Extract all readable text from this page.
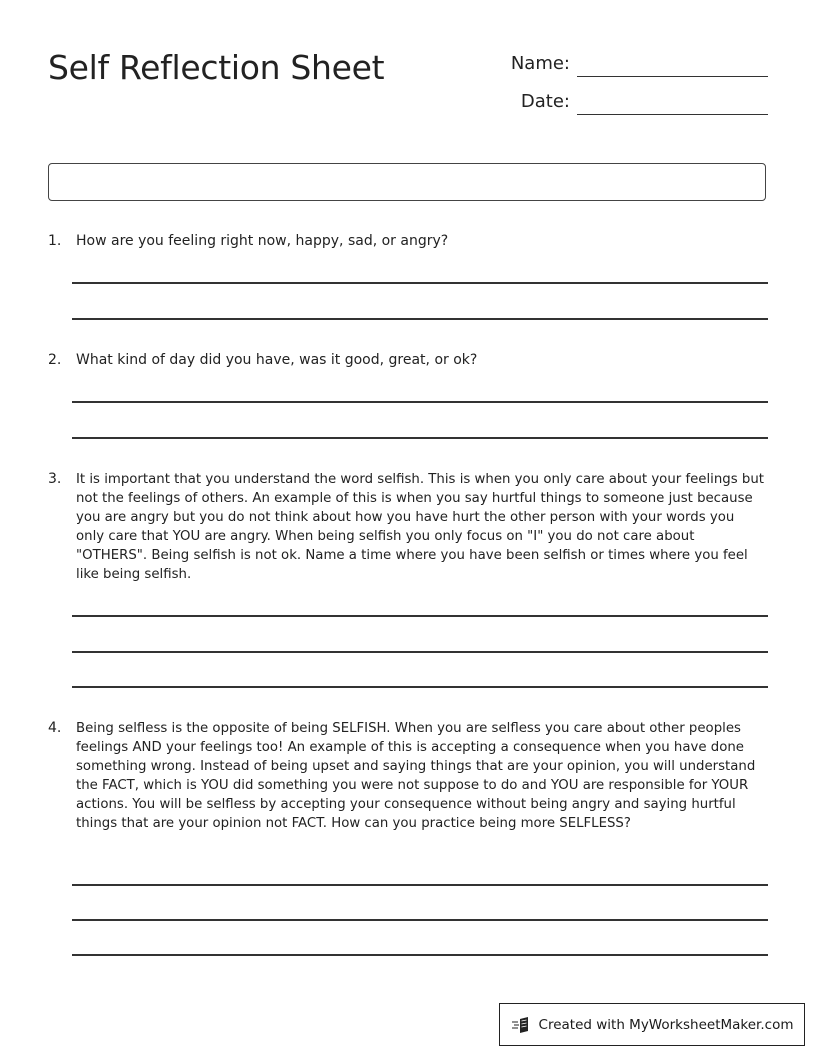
Self Reflection Sheet	Name:
Date:
1. How are you feeling right now, happy, sad, or angry?
2. What kind of day did you have, was it good, great, or ok?
3. It is important that you understand the word selfish. This is when you only care about your feelings but not the feelings of others. An example of this is when you say hurtful things to someone just because you are angry but you do not think about how you have hurt the other person with your words you only care that YOU are angry. When being selfish you only focus on "I" you do not care about "OTHERS". Being selfish is not ok. Name a time where you have been selfish or times where you feel like being selfish.
4. Being selfless is the opposite of being SELFISH. When you are selfless you care about other peoples feelings AND your feelings too! An example of this is accepting a consequence when you have done something wrong. Instead of being upset and saying things that are your opinion, you will understand the FACT, which is YOU did something you were not suppose to do and YOU are responsible for YOUR actions. You will be selfless by accepting your consequence without being angry and saying hurtful things that are your opinion not FACT. How can you practice being more SELFLESS?
Created with MyWorksheetMaker.com
